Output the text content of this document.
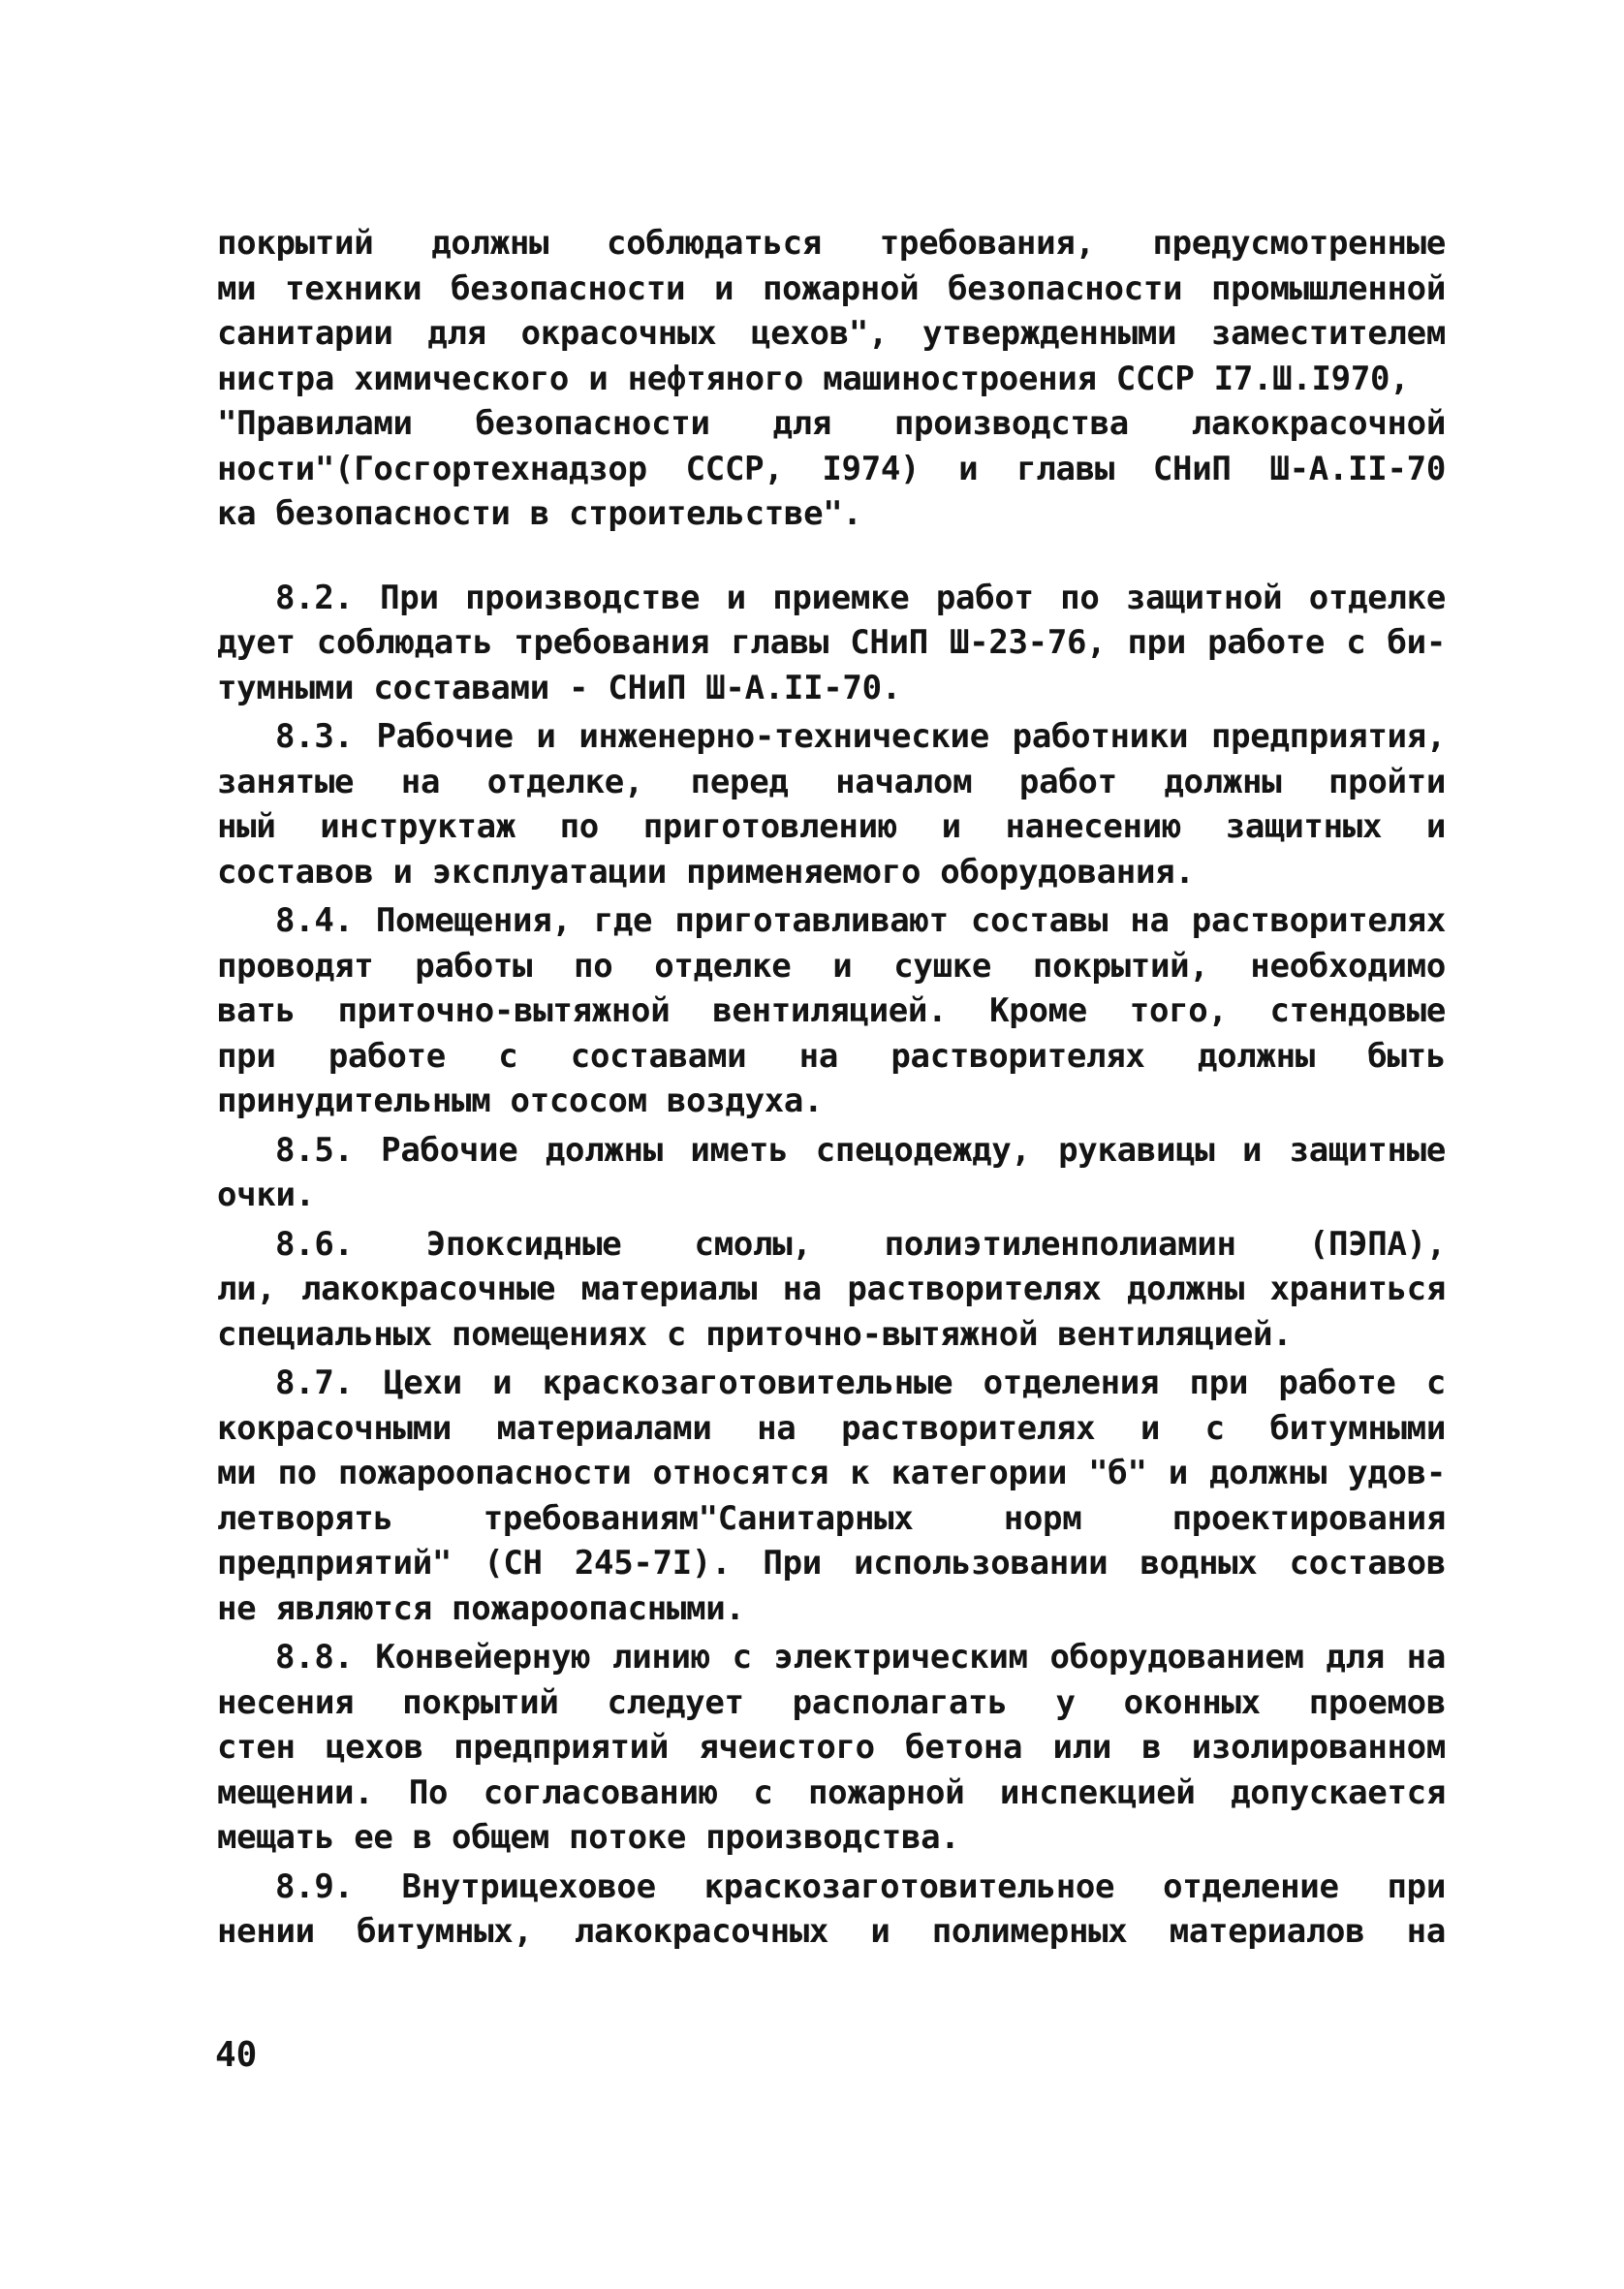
покрытий должны соблюдаться требования, предусмотренные
ми техники безопасности и пожарной безопасности промышленной
санитарии для окрасочных цехов", утвержденными заместителем
нистра химического и нефтяного машиностроения СССР I7.Ш.I970,
"Правилами безопасности для производства лакокрасочной
ности"(Госгортехнадзор СССР, I974) и главы СНиП Ш-А.II-70
ка безопасности в строительстве".
8.2. При производстве и приемке работ по защитной отделке
дует соблюдать требования главы СНиП Ш-23-76, при работе с би-
тумными составами - СНиП Ш-А.II-70.
8.3. Рабочие и инженерно-технические работники предприятия,
занятые на отделке, перед началом работ должны пройти
ный инструктаж по приготовлению и нанесению защитных и
составов и эксплуатации применяемого оборудования.
8.4. Помещения, где приготавливают составы на растворителях
проводят работы по отделке и сушке покрытий, необходимо
вать приточно-вытяжной вентиляцией. Кроме того, стендовые
при работе с составами на растворителях должны быть
принудительным отсосом воздуха.
8.5. Рабочие должны иметь спецодежду, рукавицы и защитные
очки.
8.6. Эпоксидные смолы, полиэтиленполиамин (ПЭПА),
ли, лакокрасочные материалы на растворителях должны храниться
специальных помещениях с приточно-вытяжной вентиляцией.
8.7. Цехи и краскозаготовительные отделения при работе с
кокрасочными материалами на растворителях и с битумными
ми по пожароопасности относятся к категории "б" и должны удов-
летворять требованиям"Санитарных норм проектирования
предприятий" (СН 245-7I). При использовании водных составов
не являются пожароопасными.
8.8. Конвейерную линию с электрическим оборудованием для на
несения покрытий следует располагать у оконных проемов
стен цехов предприятий ячеистого бетона или в изолированном
мещении. По согласованию с пожарной инспекцией допускается
мещать ее в общем потоке производства.
8.9. Внутрицеховое краскозаготовительное отделение при
нении битумных, лакокрасочных и полимерных материалов на
40
